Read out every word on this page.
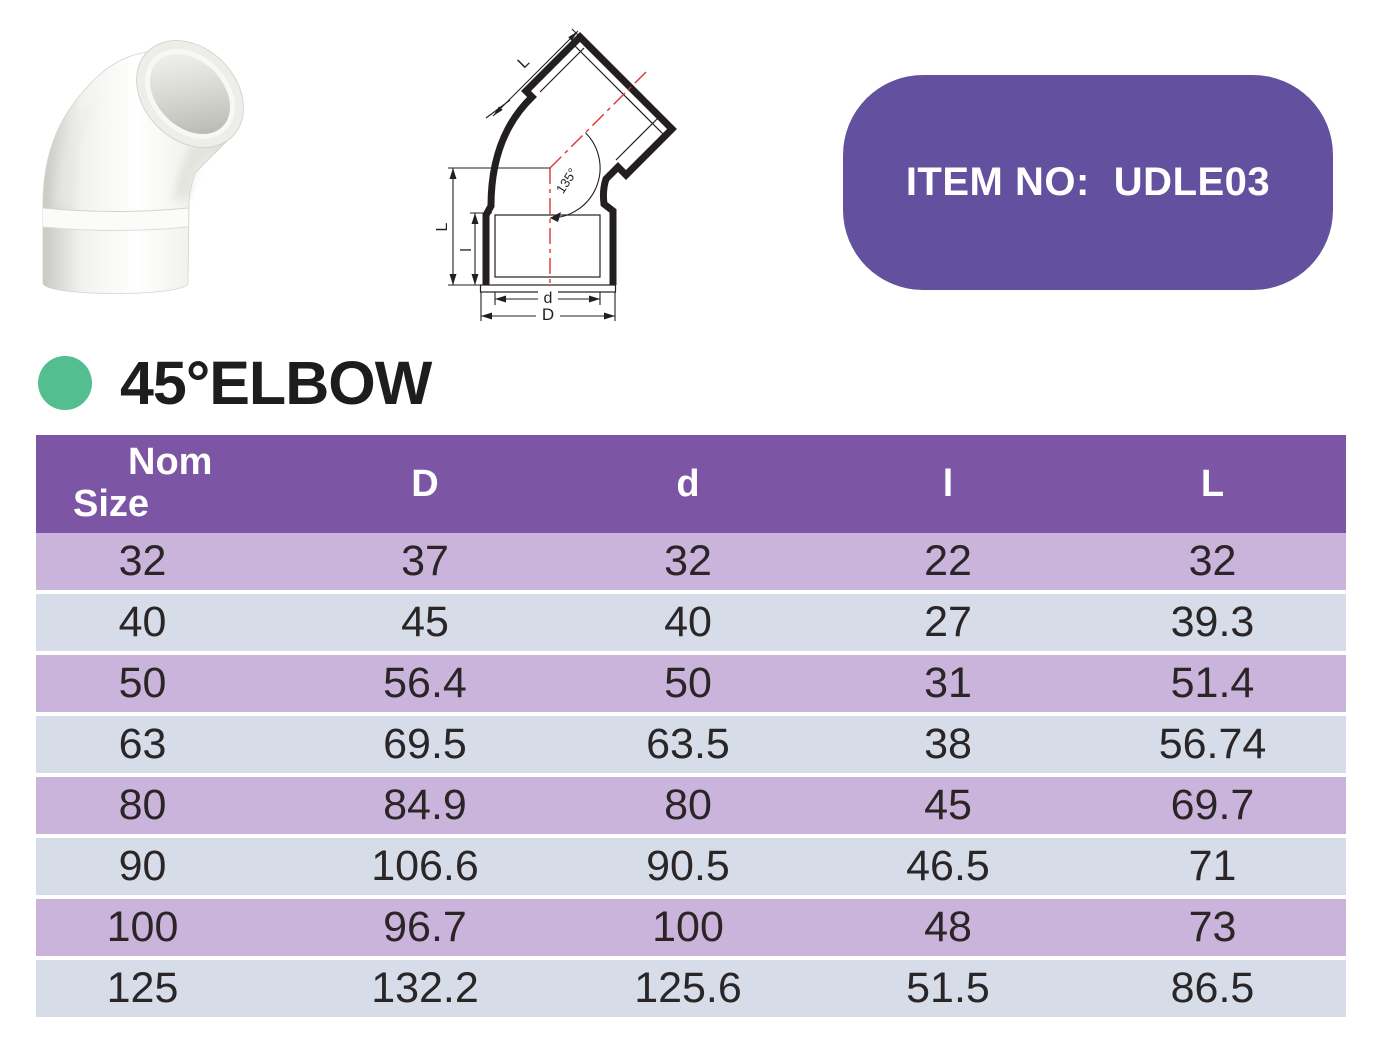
L
l
d
D
L
135°	ITEM NO: UDLE03
45°ELBOW
Nom
Size	D	d	l	L
32	37	32	22	32
40	45	40	27	39.3
50	56.4	50	31	51.4
63	69.5	63.5	38	56.74
80	84.9	80	45	69.7
90	106.6	90.5	46.5	71
100	96.7	100	48	73
125	132.2	125.6	51.5	86.5
